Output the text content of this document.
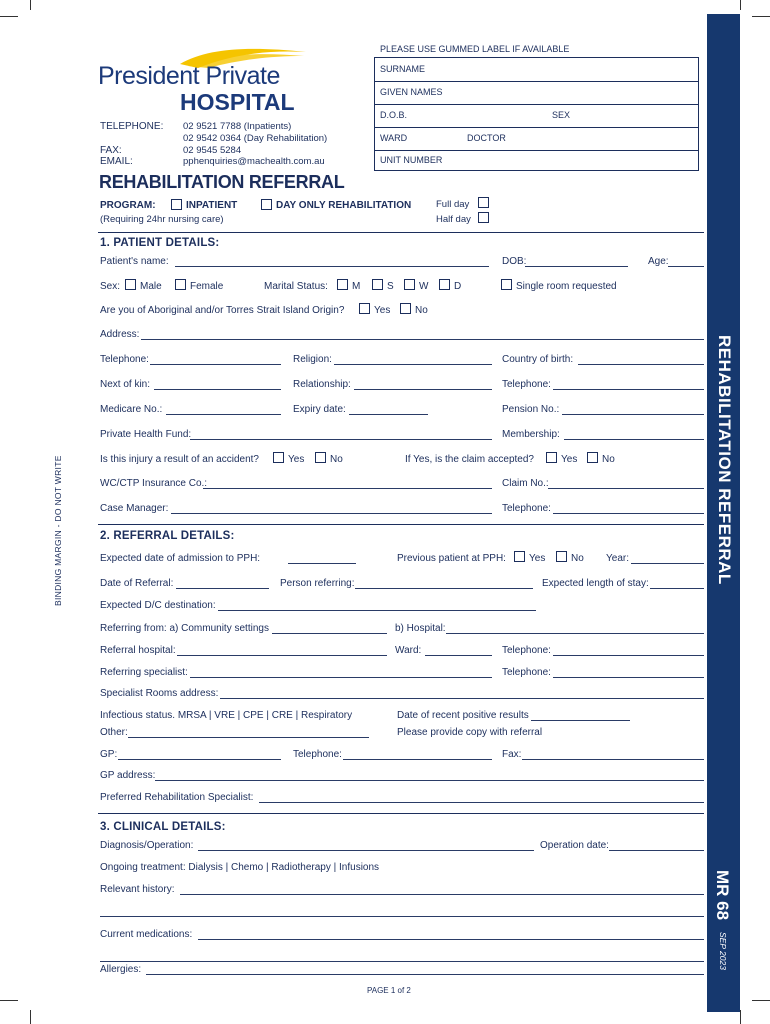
President Private
HOSPITAL
TELEPHONE: 02 9521 7788 (Inpatients)
02 9542 0364 (Day Rehabilitation)
FAX:	02 9545 5284
EMAIL:	pphenquiries@machealth.com.au
PLEASE USE GUMMED LABEL IF AVAILABLE
SURNAME
GIVEN NAMES
D.O.B.	SEX
WARD	DOCTOR
UNIT NUMBER
REHABILITATION REFERRAL
MR 68
SEP 2023
BINDING MARGIN - DO NOT WRITE
REHABILITATION REFERRAL
PROGRAM:	INPATIENT
(Requiring 24hr nursing care)
DAY ONLY REHABILITATION	Full day
Half day
1. PATIENT DETAILS:
Patient's name:	DOB:	Age:
Sex: Male	Female	Marital Status: M	S	W	D	Single room requested
Are you of Aboriginal and/or Torres Strait Island Origin?	Yes No
Address:
Telephone:	Religion:	Country of birth:
Next of kin:	Relationship:	Telephone:
Medicare No.:	Expiry date:	Pension No.:
Private Health Fund:	Membership:
Is this injury a result of an accident?	Yes	No	If Yes, is the claim accepted?	Yes No
WC/CTP Insurance Co.:	Claim No.:
Case Manager:	Telephone:
2. REFERRAL DETAILS:
Expected date of admission to PPH:	Previous patient at PPH: Yes	No Year:
Date of Referral:	Person referring:	Expected length of stay:
Expected D/C destination:
Referring from: a) Community settings	b) Hospital:
Referral hospital:	Ward:	Telephone:
Referring specialist:	Telephone:
Specialist Rooms address:
Infectious status. MRSA | VRE | CPE | CRE | Respiratory	Date of recent positive results
Other:	Please provide copy with referral
GP:	Telephone:	Fax:
GP address:
Preferred Rehabilitation Specialist:
3. CLINICAL DETAILS:
Diagnosis/Operation:	Operation date:
Ongoing treatment: Dialysis | Chemo | Radiotherapy | Infusions
Relevant history:
Current medications:
Allergies:
PAGE 1 of 2
